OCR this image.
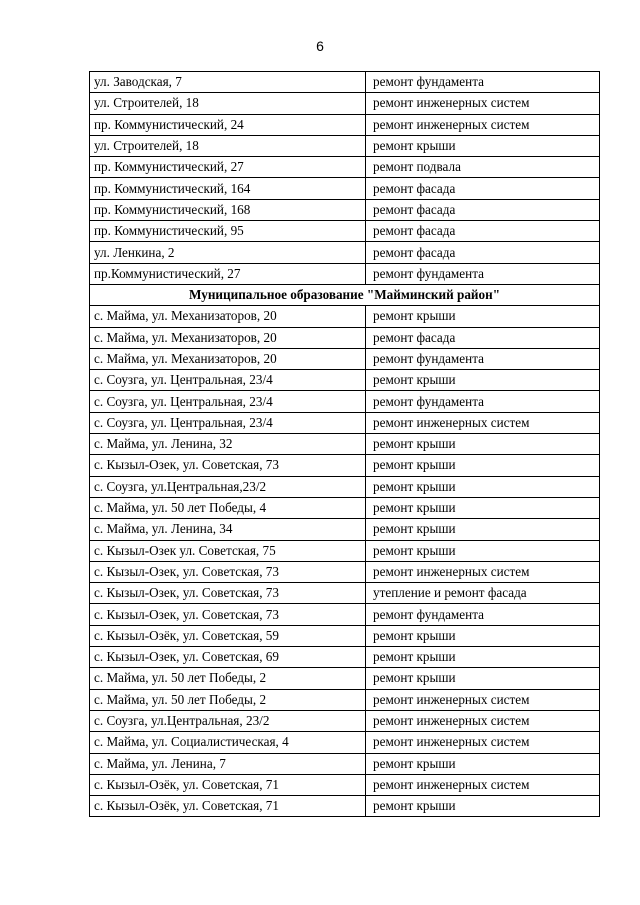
6
ул. Заводская, 7	ремонт фундамента
ул. Строителей, 18	ремонт инженерных систем
пр. Коммунистический, 24	ремонт инженерных систем
ул. Строителей, 18	ремонт крыши
пр. Коммунистический, 27	ремонт подвала
пр. Коммунистический, 164	ремонт фасада
пр. Коммунистический, 168	ремонт фасада
пр. Коммунистический, 95	ремонт фасада
ул. Ленкина, 2	ремонт фасада
пр.Коммунистический, 27	ремонт фундамента
Муниципальное образование "Майминский район"	
с. Майма, ул. Механизаторов, 20	ремонт крыши
с. Майма, ул. Механизаторов, 20	ремонт фасада
с. Майма, ул. Механизаторов, 20	ремонт фундамента
с. Соузга, ул. Центральная, 23/4	ремонт крыши
с. Соузга, ул. Центральная, 23/4	ремонт фундамента
с. Соузга, ул. Центральная, 23/4	ремонт инженерных систем
с. Майма, ул. Ленина, 32	ремонт крыши
с. Кызыл-Озек, ул. Советская, 73	ремонт крыши
с. Соузга, ул.Центральная,23/2	ремонт крыши
с. Майма, ул. 50 лет Победы, 4	ремонт крыши
с. Майма, ул. Ленина, 34	ремонт крыши
с. Кызыл-Озек ул. Советская, 75	ремонт крыши
с. Кызыл-Озек, ул. Советская, 73	ремонт инженерных систем
с. Кызыл-Озек, ул. Советская, 73	утепление и ремонт фасада
с. Кызыл-Озек, ул. Советская, 73	ремонт фундамента
с. Кызыл-Озёк, ул. Советская, 59	ремонт крыши
с. Кызыл-Озек, ул. Советская, 69	ремонт крыши
с. Майма, ул. 50 лет Победы, 2	ремонт крыши
с. Майма, ул. 50 лет Победы, 2	ремонт инженерных систем
с. Соузга, ул.Центральная, 23/2	ремонт инженерных систем
с. Майма, ул. Социалистическая, 4	ремонт инженерных систем
с. Майма, ул. Ленина, 7	ремонт крыши
с. Кызыл-Озёк, ул. Советская, 71	ремонт инженерных систем
с. Кызыл-Озёк, ул. Советская, 71	ремонт крыши
